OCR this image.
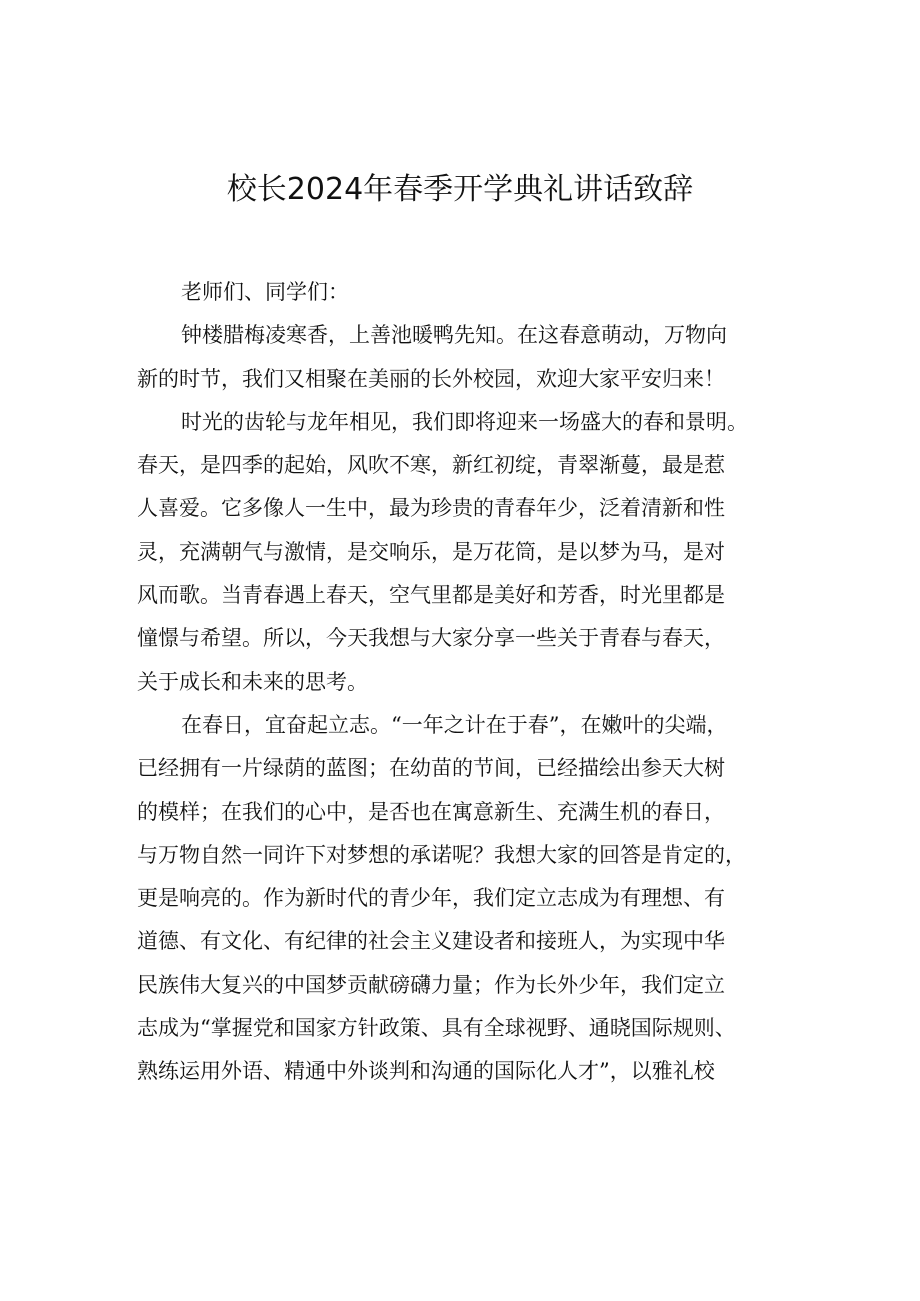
校长2024年春季开学典礼讲话致辞
老师们、同学们：
钟楼腊梅凌寒香，上善池暖鸭先知。在这春意萌动，万物向
新的时节，我们又相聚在美丽的长外校园，欢迎大家平安归来！
时光的齿轮与龙年相见，我们即将迎来一场盛大的春和景明。
春天，是四季的起始，风吹不寒，新红初绽，青翠渐蔓，最是惹
人喜爱。它多像人一生中，最为珍贵的青春年少，泛着清新和性
灵，充满朝气与激情，是交响乐，是万花筒，是以梦为马，是对
风而歌。当青春遇上春天，空气里都是美好和芳香，时光里都是
憧憬与希望。所以，今天我想与大家分享一些关于青春与春天，
关于成长和未来的思考。
在春日，宜奋起立志。“一年之计在于春”，在嫩叶的尖端，
已经拥有一片绿荫的蓝图；在幼苗的节间，已经描绘出参天大树
的模样；在我们的心中，是否也在寓意新生、充满生机的春日，
与万物自然一同许下对梦想的承诺呢？我想大家的回答是肯定的，
更是响亮的。作为新时代的青少年，我们定立志成为有理想、有
道德、有文化、有纪律的社会主义建设者和接班人，为实现中华
民族伟大复兴的中国梦贡献磅礴力量；作为长外少年，我们定立
志成为“掌握党和国家方针政策、具有全球视野、通晓国际规则、
熟练运用外语、精通中外谈判和沟通的国际化人才”，以雅礼校
